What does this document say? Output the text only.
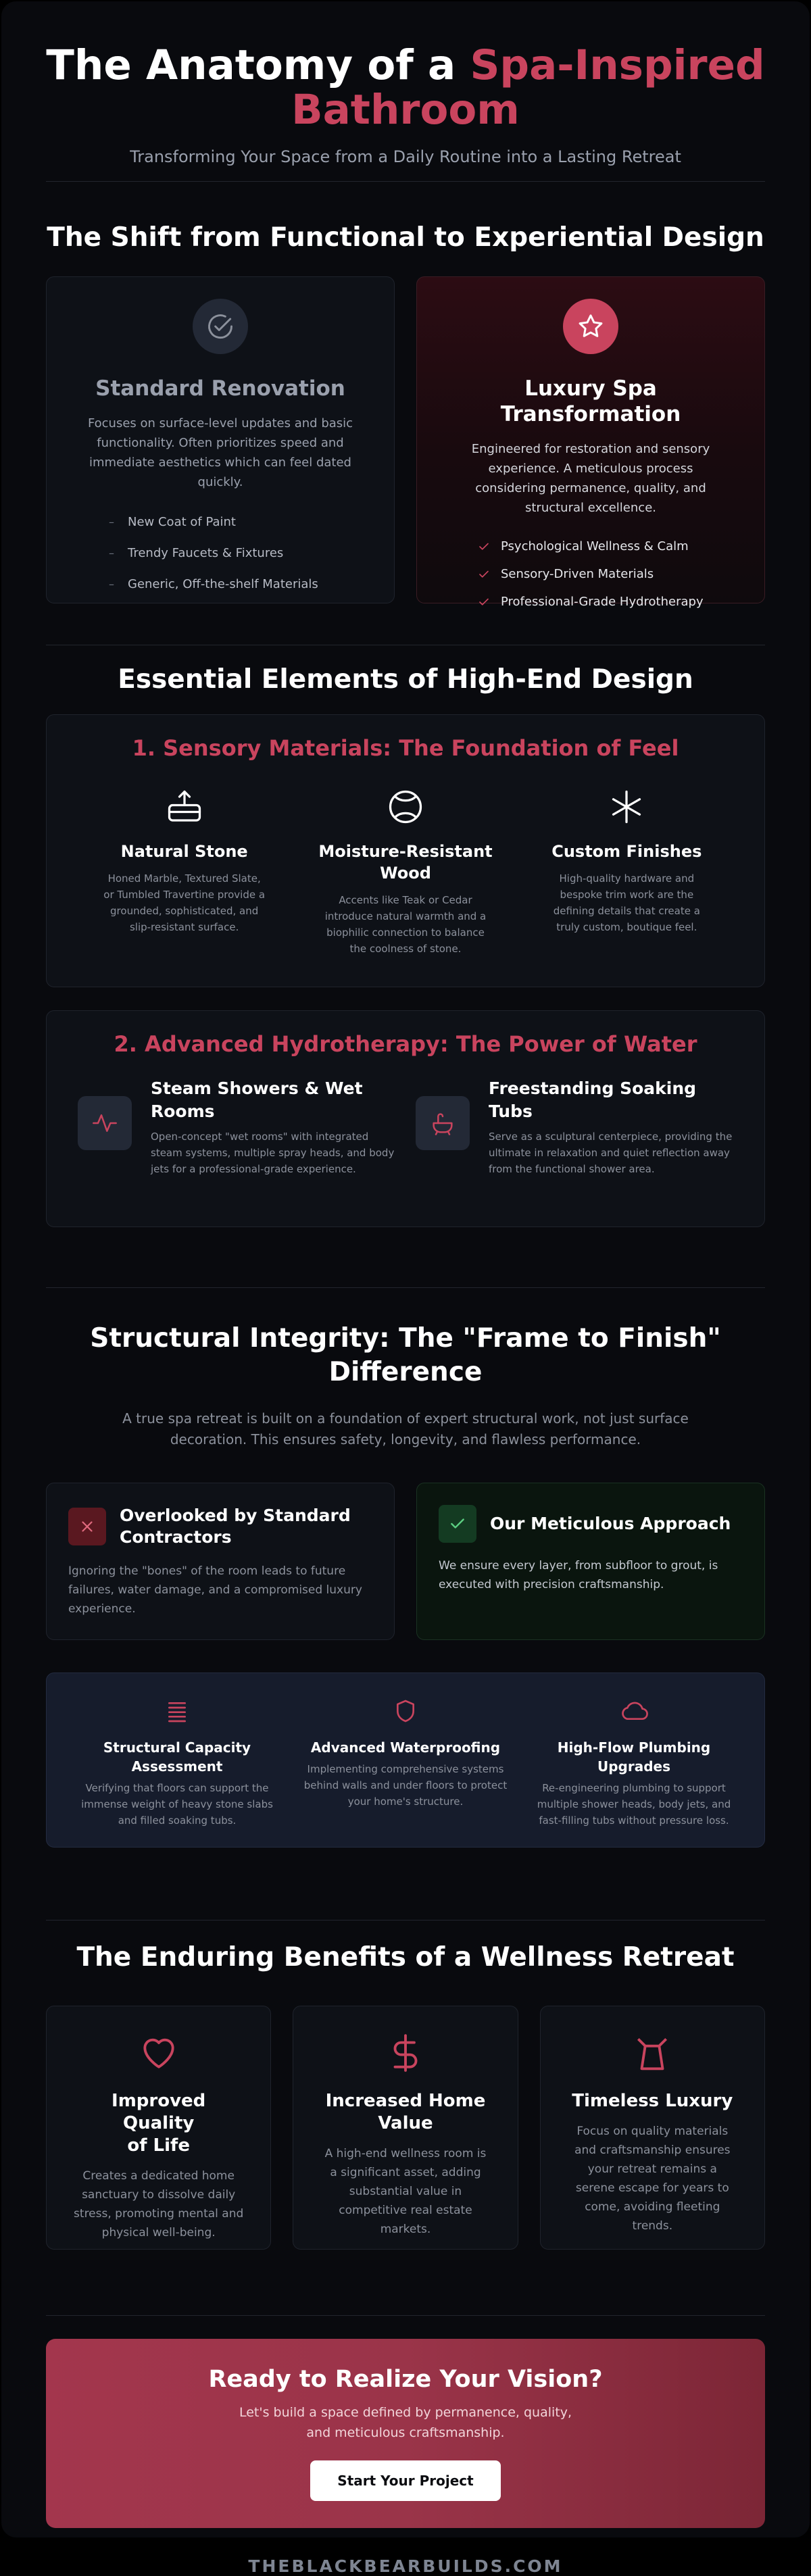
The Anatomy of a Spa-Inspired
Bathroom
Transforming Your Space from a Daily Routine into a Lasting Retreat
The Shift from Functional to Experiential Design
Standard Renovation
Focuses on surface-level updates and basic functionality. Often prioritizes speed and immediate aesthetics which can feel dated quickly.
– New Coat of Paint
– Trendy Faucets & Fixtures
– Generic, Off-the-shelf Materials
Luxury Spa
Transformation
Engineered for restoration and sensory experience. A meticulous process considering permanence, quality, and structural excellence.
Psychological Wellness & Calm
Sensory-Driven Materials
Professional-Grade Hydrotherapy
Essential Elements of High-End Design
1. Sensory Materials: The Foundation of Feel
Natural Stone
Honed Marble, Textured Slate, or Tumbled Travertine provide a grounded, sophisticated, and slip-resistant surface.
Moisture-Resistant
Wood
Accents like Teak or Cedar introduce natural warmth and a biophilic connection to balance the coolness of stone.
Custom Finishes
High-quality hardware and bespoke trim work are the defining details that create a truly custom, boutique feel.
2. Advanced Hydrotherapy: The Power of Water
Steam Showers & Wet
Rooms
Open-concept "wet rooms" with integrated steam systems, multiple spray heads, and body jets for a professional-grade experience.
Freestanding Soaking
Tubs
Serve as a sculptural centerpiece, providing the ultimate in relaxation and quiet reflection away from the functional shower area.
Structural Integrity: The "Frame to Finish"
Difference
A true spa retreat is built on a foundation of expert structural work, not just surface decoration. This ensures safety, longevity, and flawless performance.
Overlooked by Standard
Contractors
Ignoring the "bones" of the room leads to future failures, water damage, and a compromised luxury experience.
Our Meticulous Approach
We ensure every layer, from subfloor to grout, is executed with precision craftsmanship.
Structural Capacity
Assessment
Verifying that floors can support the immense weight of heavy stone slabs and filled soaking tubs.
Advanced Waterproofing
Implementing comprehensive systems behind walls and under floors to protect your home's structure.
High-Flow Plumbing
Upgrades
Re-engineering plumbing to support multiple shower heads, body jets, and fast-filling tubs without pressure loss.
The Enduring Benefits of a Wellness Retreat
Improved Quality
of Life
Creates a dedicated home sanctuary to dissolve daily stress, promoting mental and physical well-being.
Increased Home
Value
A high-end wellness room is a significant asset, adding substantial value in competitive real estate markets.
Timeless Luxury
Focus on quality materials and craftsmanship ensures your retreat remains a serene escape for years to come, avoiding fleeting trends.
Ready to Realize Your Vision?
Let's build a space defined by permanence, quality, and meticulous craftsmanship.
Start Your Project
THEBLACKBEARBUILDS.COM
